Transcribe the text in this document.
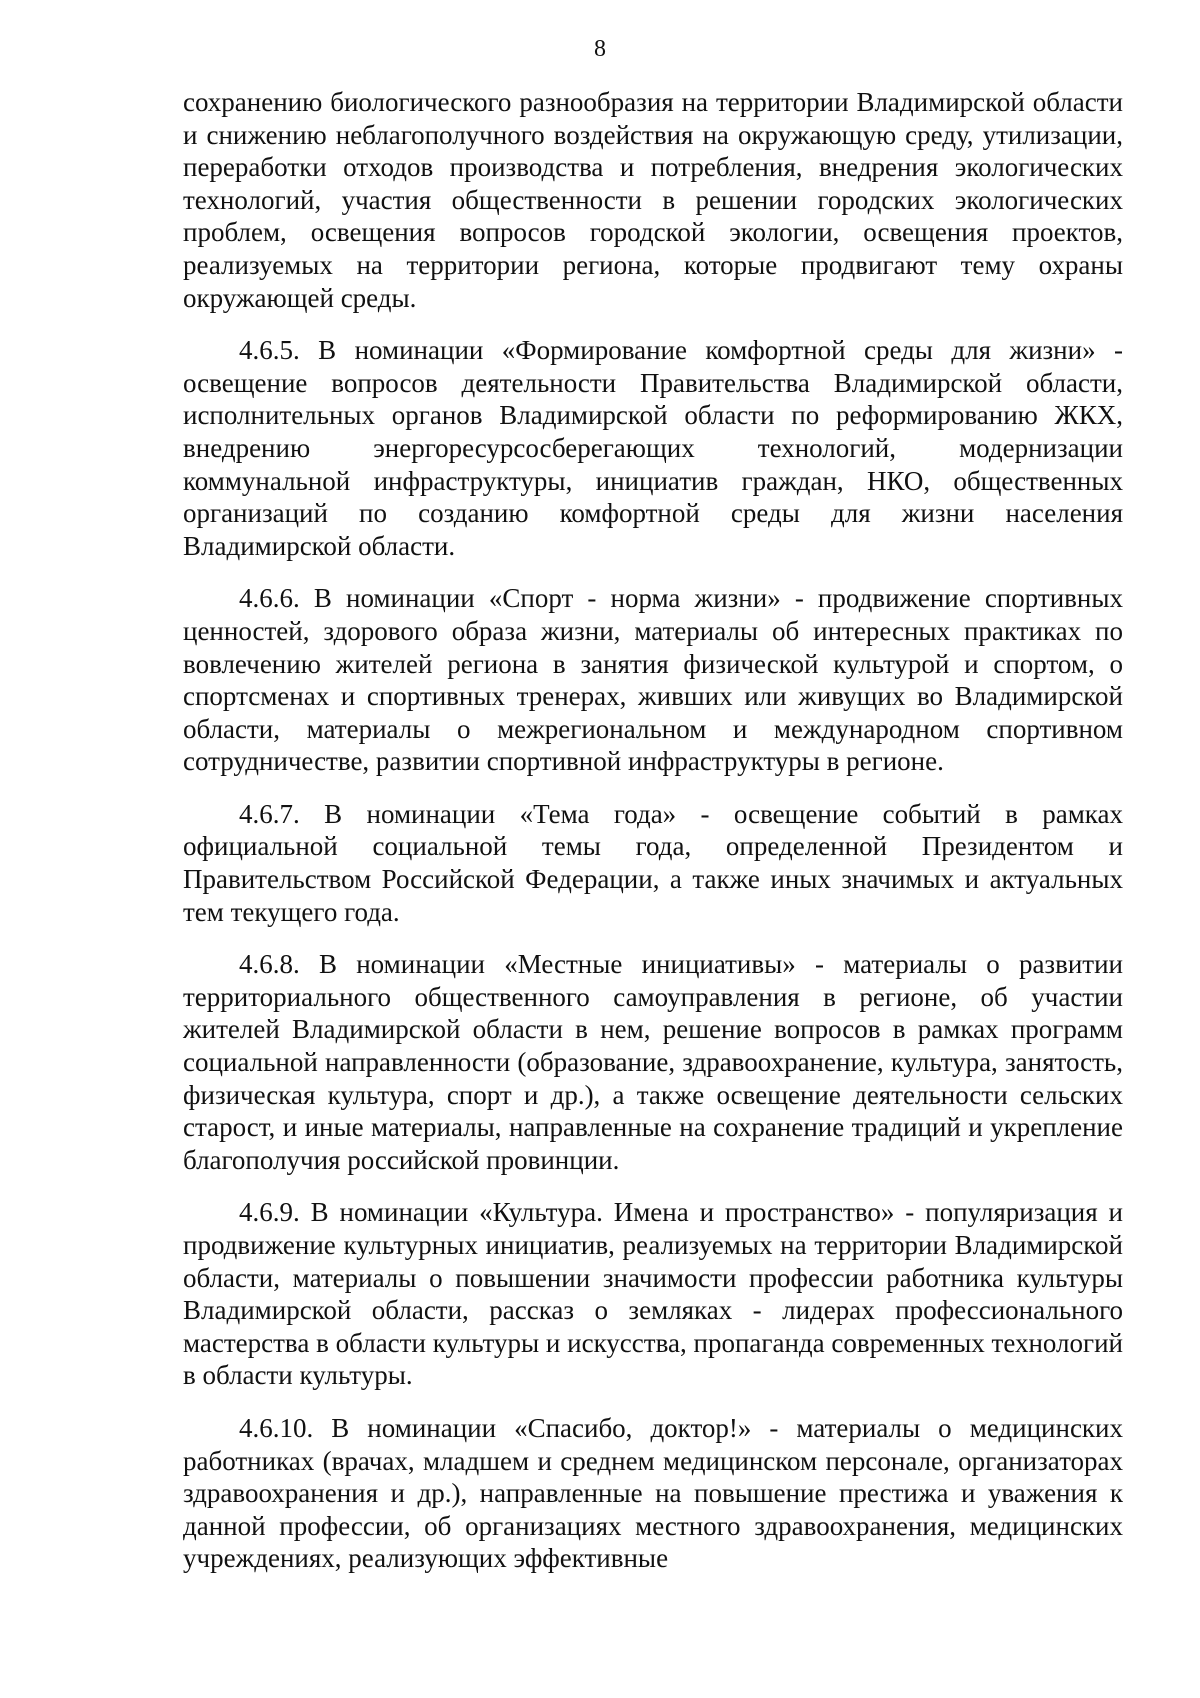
8

сохранению биологического разнообразия на территории Владимирской области и снижению неблагополучного воздействия на окружающую среду, утилизации, переработки отходов производства и потребления, внедрения экологических технологий, участия общественности в решении городских экологических проблем, освещения вопросов городской экологии, освещения проектов, реализуемых на территории региона, которые продвигают тему охраны окружающей среды.

4.6.5. В номинации «Формирование комфортной среды для жизни» - освещение вопросов деятельности Правительства Владимирской области, исполнительных органов Владимирской области по реформированию ЖКХ, внедрению энергоресурсосберегающих технологий, модернизации коммунальной инфраструктуры, инициатив граждан, НКО, общественных организаций по созданию комфортной среды для жизни населения Владимирской области.

4.6.6. В номинации «Спорт - норма жизни» - продвижение спортивных ценностей, здорового образа жизни, материалы об интересных практиках по вовлечению жителей региона в занятия физической культурой и спортом, о спортсменах и спортивных тренерах, живших или живущих во Владимирской области, материалы о межрегиональном и международном спортивном сотрудничестве, развитии спортивной инфраструктуры в регионе.

4.6.7. В номинации «Тема года» - освещение событий в рамках официальной социальной темы года, определенной Президентом и Правительством Российской Федерации, а также иных значимых и актуальных тем текущего года.

4.6.8. В номинации «Местные инициативы» - материалы о развитии территориального общественного самоуправления в регионе, об участии жителей Владимирской области в нем, решение вопросов в рамках программ социальной направленности (образование, здравоохранение, культура, занятость, физическая культура, спорт и др.), а также освещение деятельности сельских старост, и иные материалы, направленные на сохранение традиций и укрепление благополучия российской провинции.

4.6.9. В номинации «Культура. Имена и пространство» - популяризация и продвижение культурных инициатив, реализуемых на территории Владимирской области, материалы о повышении значимости профессии работника культуры Владимирской области, рассказ о земляках - лидерах профессионального мастерства в области культуры и искусства, пропаганда современных технологий в области культуры.

4.6.10. В номинации «Спасибо, доктор!» - материалы о медицинских работниках (врачах, младшем и среднем медицинском персонале, организаторах здравоохранения и др.), направленные на повышение престижа и уважения к данной профессии, об организациях местного здравоохранения, медицинских учреждениях, реализующих эффективные
